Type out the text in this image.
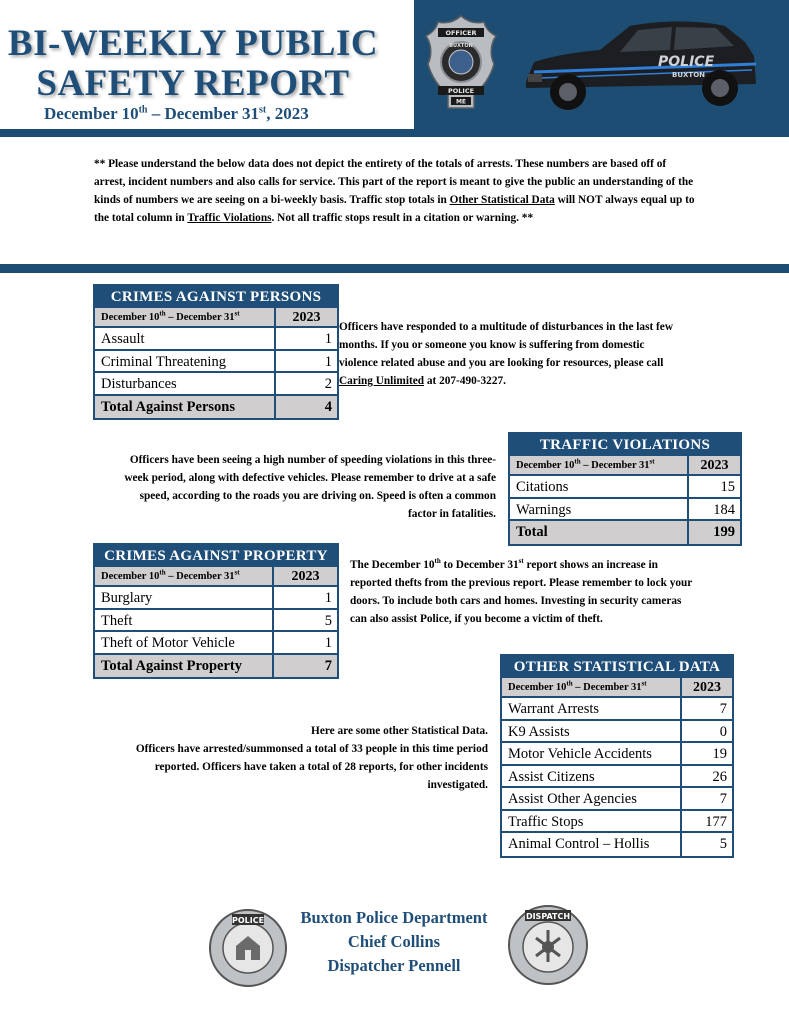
BI-WEEKLY PUBLIC
SAFETY REPORT
December 10th – December 31st, 2023
OFFICER
BUXTON
POLICE
ME
POLICE
BUXTON
** Please understand the below data does not depict the entirety of the totals of arrests. These numbers are based off of arrest, incident numbers and also calls for service. This part of the report is meant to give the public an understanding of the kinds of numbers we are seeing on a bi-weekly basis. Traffic stop totals in Other Statistical Data will NOT always equal up to the total column in Traffic Violations. Not all traffic stops result in a citation or warning. **
CRIMES AGAINST PERSONS
December 10th – December 31st	2023
Assault	1
Criminal Threatening	1
Disturbances	2
Total Against Persons	4
Officers have responded to a multitude of disturbances in the last few months. If you or someone you know is suffering from domestic violence related abuse and you are looking for resources, please call Caring Unlimited at 207-490-3227.
Officers have been seeing a high number of speeding violations in this three-week period, along with defective vehicles. Please remember to drive at a safe speed, according to the roads you are driving on. Speed is often a common factor in fatalities.
TRAFFIC VIOLATIONS
December 10th – December 31st	2023
Citations	15
Warnings	184
Total	199
CRIMES AGAINST PROPERTY
December 10th – December 31st	2023
Burglary	1
Theft	5
Theft of Motor Vehicle	1
Total Against Property	7
The December 10th to December 31st report shows an increase in reported thefts from the previous report. Please remember to lock your doors. To include both cars and homes. Investing in security cameras can also assist Police, if you become a victim of theft.
OTHER STATISTICAL DATA
December 10th – December 31st	2023
Warrant Arrests	7
K9 Assists	0
Motor Vehicle Accidents	19
Assist Citizens	26
Assist Other Agencies	7
Traffic Stops	177
Animal Control – Hollis	5
Here are some other Statistical Data.
Officers have arrested/summonsed a total of 33 people in this time period reported. Officers have taken a total of 28 reports, for other incidents investigated.
POLICE	Buxton Police Department
Chief Collins
Dispatcher Pennell
DISPATCH
